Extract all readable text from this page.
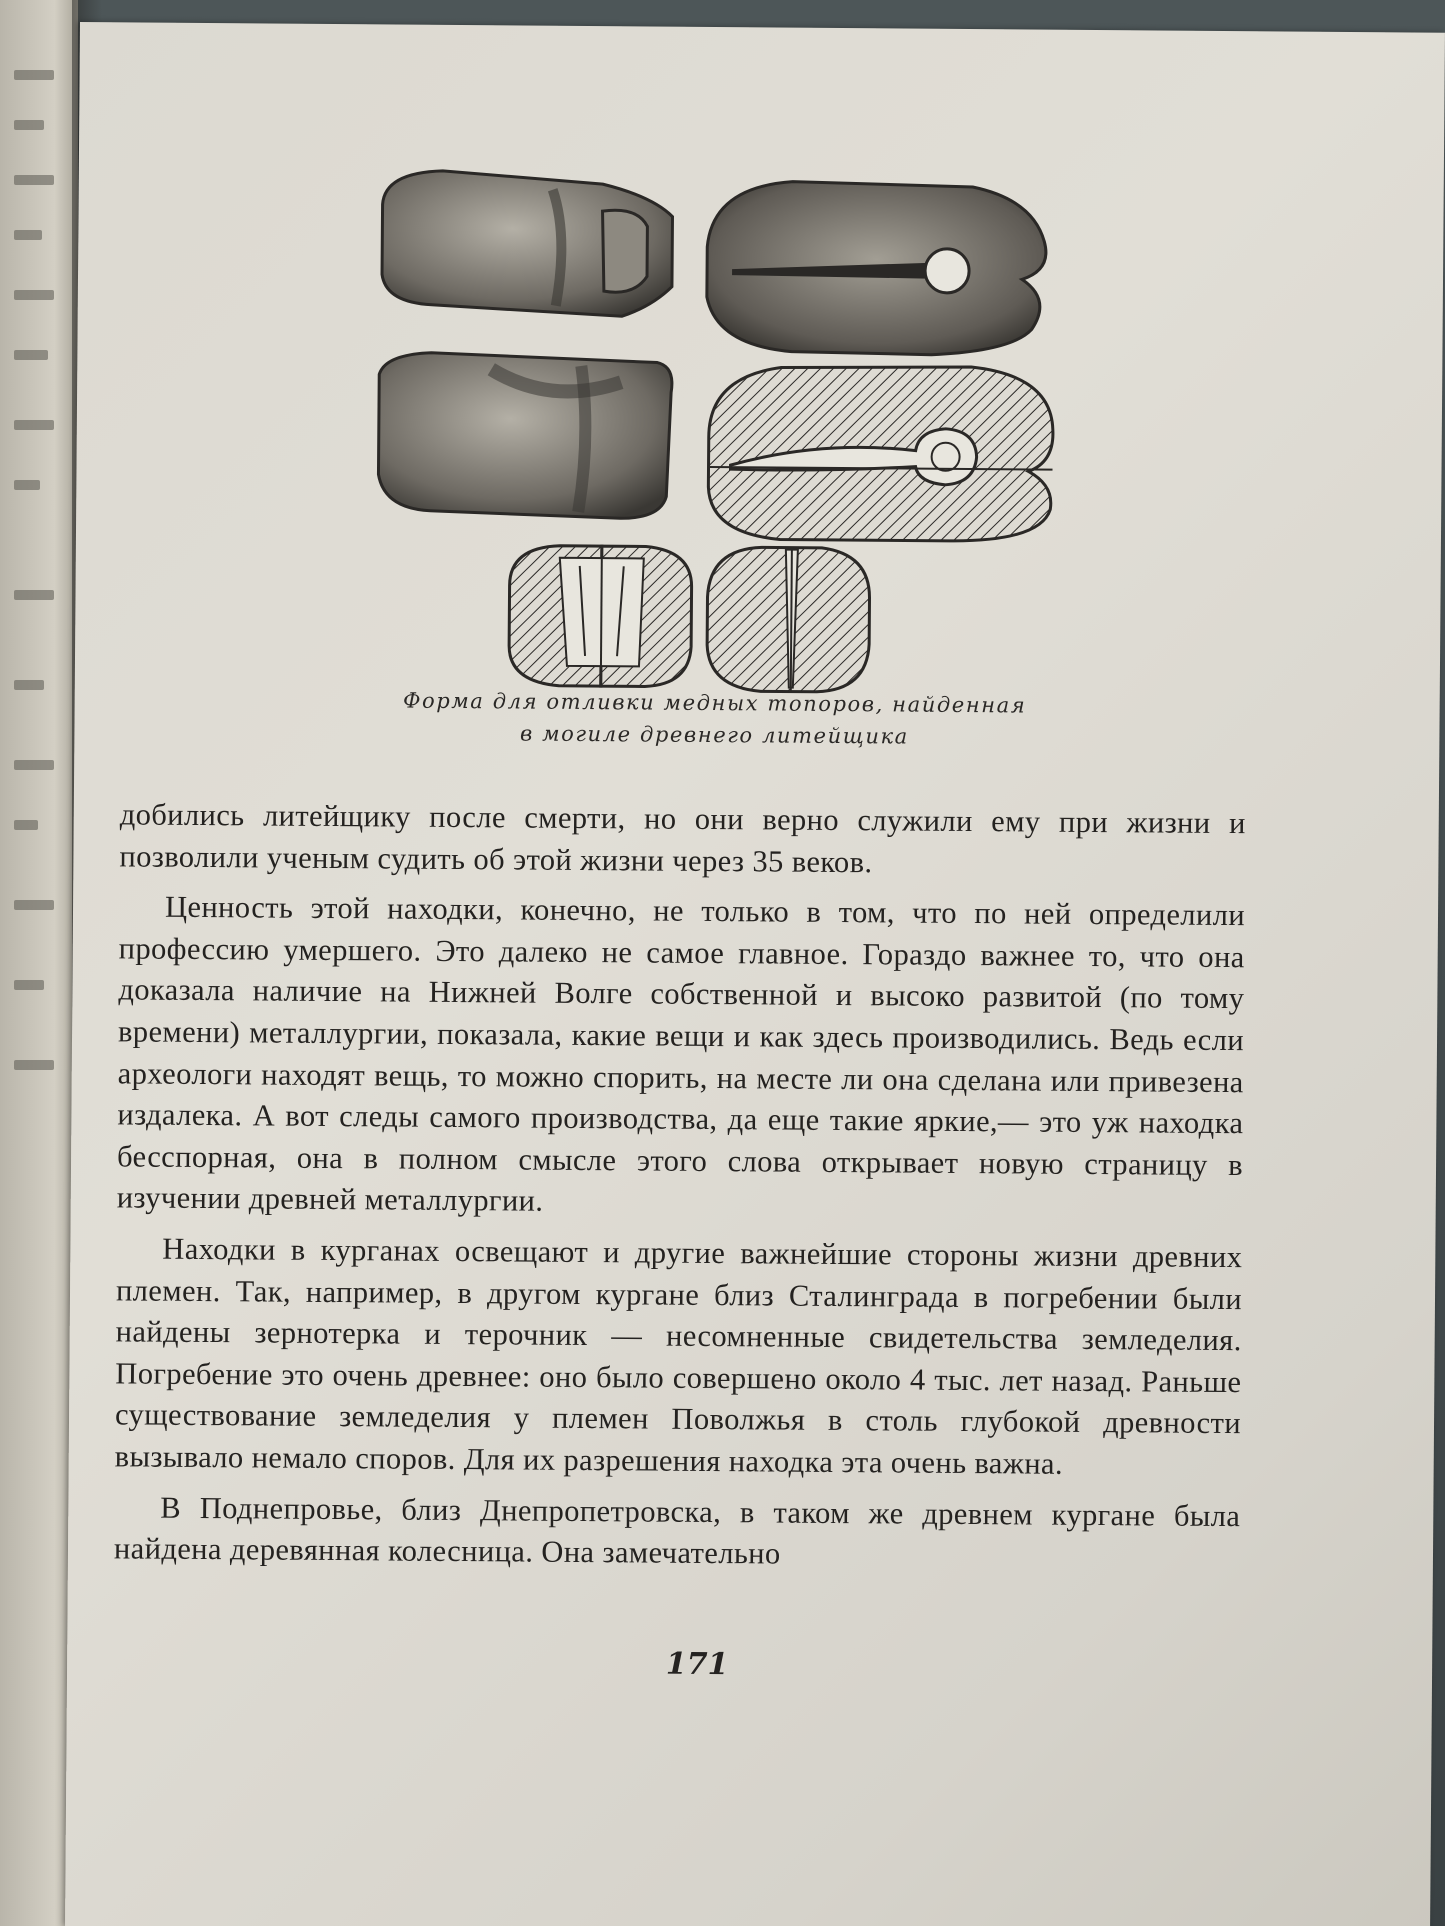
Форма для отливки медных топоров, найденная
в могиле древнего литейщика

добились литейщику после смерти, но они верно служили ему при жизни и позволили ученым судить об этой жизни через 35 веков.

Ценность этой находки, конечно, не только в том, что по ней определили профессию умершего. Это далеко не самое главное. Гораздо важнее то, что она доказала наличие на Нижней Волге собственной и высоко развитой (по тому времени) металлургии, показала, какие вещи и как здесь производились. Ведь если археологи находят вещь, то можно спорить, на месте ли она сделана или привезена издалека. А вот следы самого производства, да еще такие яркие,— это уж находка бесспорная, она в полном смысле этого слова открывает новую страницу в изучении древней металлургии.

Находки в курганах освещают и другие важнейшие стороны жизни древних племен. Так, например, в другом кургане близ Сталинграда в погребении были найдены зернотерка и терочник — несомненные свидетельства земледелия. Погребение это очень древнее: оно было совершено около 4 тыс. лет назад. Раньше существование земледелия у племен Поволжья в столь глубокой древности вызывало немало споров. Для их разрешения находка эта очень важна.

В Поднепровье, близ Днепропетровска, в таком же древнем кургане была найдена деревянная колесница. Она замечательно

171
